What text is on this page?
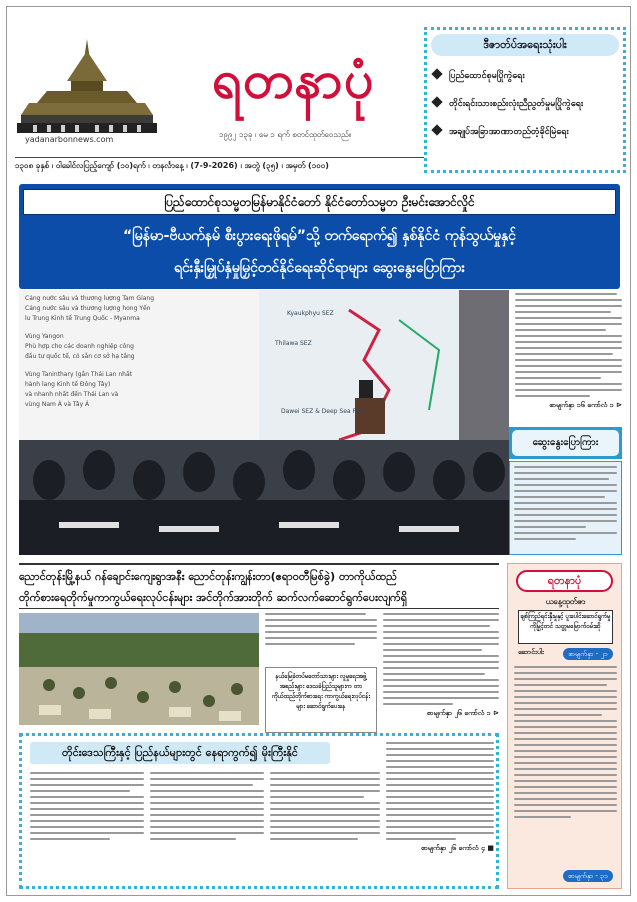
yadanarbonnews.com
ရတနာပုံ
၁၉၉၂ ၁၃ခု ၊ မေ ၁ ရက် စတင်ထုတ်ဝေသည်။
၁၃၀၈ ခုနှစ် ၊ ဝါခေါင်လပြည့်ကျော် (၁၀)ရက် ၊ တနင်္လာနေ့ ၊ (7-9-2026) ၊ အတွဲ (၃၅) ၊ အမှတ် (၁၀၀)
ဒီဇာတ်ပ်အရေးသုံးပါး
ပြည်ထောင်စုမပြိုကွဲရေး
တိုင်းရင်းသားစည်းလုံးညီညွတ်မှုမပြိုကွဲရေး
အချုပ်အခြာအာဏာတည်တံ့ခိုင်မြဲရေး
ပြည်ထောင်စုသမ္မတမြန်မာနိုင်ငံတော် နိုင်ငံတော်သမ္မတ ဦးမင်းအောင်လှိုင်
“မြန်မာ-ဗီယက်နမ် စီးပွားရေးဖိုရမ်”သို့ တက်ရောက်၍ နှစ်နိုင်ငံ ကုန်သွယ်မှုနှင့်
ရင်းနှီးမြှုပ်နှံမှုမြှင့်တင်နိုင်ရေးဆိုင်ရာများ ဆွေးနွေးပြောကြား
Cảng nước sâu và thương lượng Tam Giang
Cảng nước sâu và thương lượng hong Yến
lu Trung Kinh tế Trung Quốc - Myanma
Vùng Yangon
Phù hợp cho các doanh nghiệp công
đầu tư quốc tế, có sẵn cơ sở hạ tầng
Vùng Taninthary (gần Thái Lan nhất
hành lang Kinh tế Đông Tây)
và nhanh nhất đến Thái Lan và
vùng Nam Á và Tây Á
Kyaukphyu SEZ
Thilawa SEZ
Dawei SEZ & Deep Sea Port
စာမျက်နှာ ၁၆ ကော်လံ ၁ ⊳
ဆွေးနွေးပြောကြား
ညောင်တုန်းမြို့နယ် ဂန်ချောင်းကျေးရွာအနီး ညောင်တုန်းကျွန်းတာ(ဧရာဝတီမြစ်ခွဲ) တာကိုယ်ထည်
တိုက်စားရေတိုက်မှုကာကွယ်ရေးလုပ်ငန်းများ အင်တိုက်အားတိုက် ဆက်လက်ဆောင်ရွက်ပေးလျက်ရှိ
နယ်မြေခံတပ်မတော်သားများ လူမှုရေးအဖွဲ့အစည်းများ ဒေသခံပြည်သူများက တာကိုယ်ထည်တိုက်စားရေး ကာကွယ်ရေးလုပ်ငန်းများ ဆောင်ရွက်ပေးနေ
စာမျက်နှာ ၂၆ ကော်လံ ၁ ⊳
ရတနာပုံ
ယနေ့ထုတ်ဇာ
ချစ်ကြည်ရင်းနှီးမှုနှင့် ပူးပေါင်းဆောင်ရွက်မှုကိုမြှင့်တင် သတ္တမမြောက်ဝမ်းဆို
ဆောင်းပါး	စာမျက်နှာ - ၂၁
စာမျက်နှာ - ၃၁
တိုင်းဒေသကြီးနှင့် ပြည်နယ်များတွင် နေရာကွက်၍ မိုးကြီးနိုင်
စာမျက်နှာ ၂၆ ကော်လံ ၄ ■
